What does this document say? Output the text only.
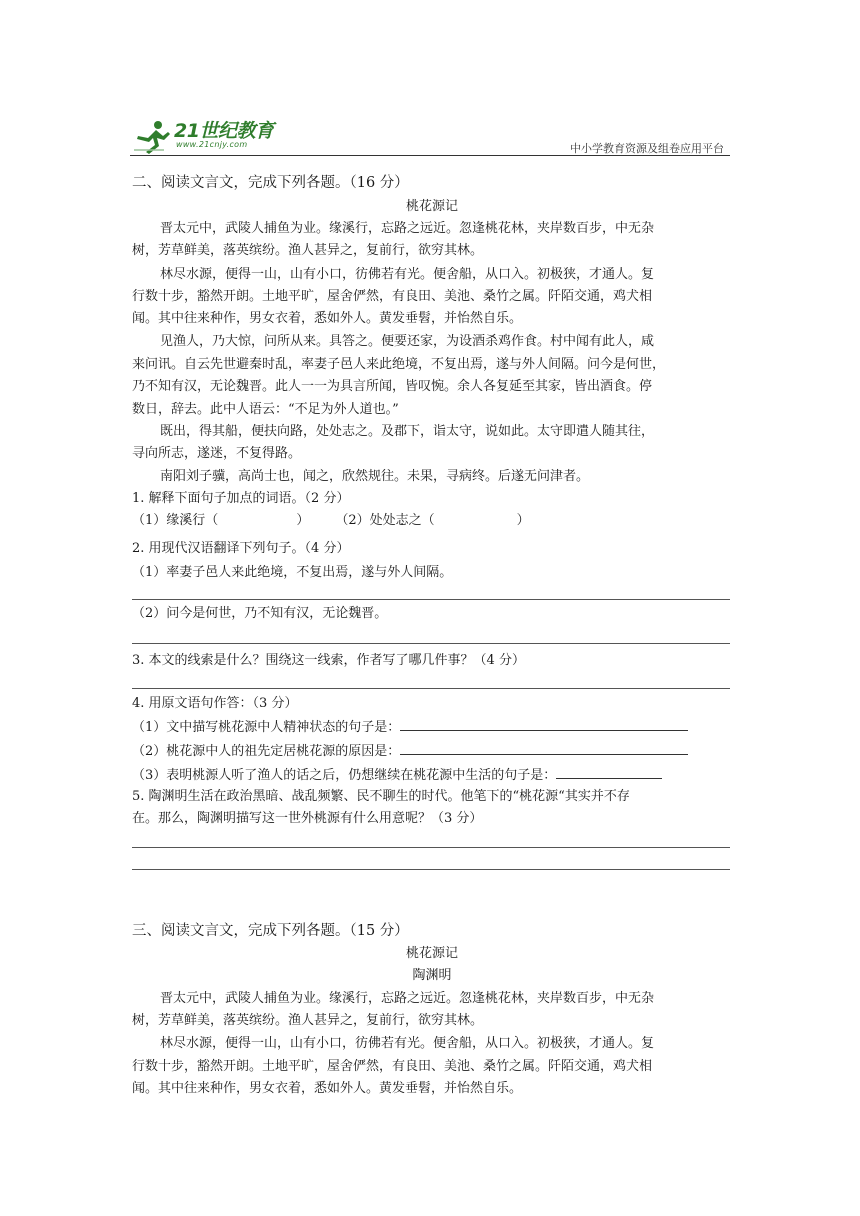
21世纪教育
www.21cnjy.com	中小学教育资源及组卷应用平台
二、阅读文言文，完成下列各题。（16 分）
桃花源记
晋太元中，武陵人捕鱼为业。缘溪行，忘路之远近。忽逢桃花林，夹岸数百步，中无杂
树，芳草鲜美，落英缤纷。渔人甚异之，复前行，欲穷其林。
林尽水源，便得一山，山有小口，彷佛若有光。便舍船，从口入。初极狭，才通人。复
行数十步，豁然开朗。土地平旷，屋舍俨然，有良田、美池、桑竹之属。阡陌交通，鸡犬相
闻。其中往来种作，男女衣着，悉如外人。黄发垂髫，并怡然自乐。
见渔人，乃大惊，问所从来。具答之。便要还家，为设酒杀鸡作食。村中闻有此人，咸
来问讯。自云先世避秦时乱，率妻子邑人来此绝境，不复出焉，遂与外人间隔。问今是何世，
乃不知有汉，无论魏晋。此人一一为具言所闻，皆叹惋。余人各复延至其家，皆出酒食。停
数日，辞去。此中人语云：“不足为外人道也。”
既出，得其船，便扶向路，处处志之。及郡下，诣太守，说如此。太守即遣人随其往，
寻向所志，遂迷，不复得路。
南阳刘子骥，高尚士也，闻之，欣然规往。未果，寻病终。后遂无问津者。
1. 解释下面句子加点的词语。（2 分）
（1）缘溪行 ·（	） （2）处处志 ·之（	）
2. 用现代汉语翻译下列句子。（4 分）
（1）率妻子邑人来此绝境，不复出焉，遂与外人间隔。
（2）问今是何世，乃不知有汉，无论魏晋。
3. 本文的线索是什么？围绕这一线索，作者写了哪几件事？（4 分）
4. 用原文语句作答：（3 分）
（1）文中描写桃花源中人精神状态的句子是：
（2）桃花源中人的祖先定居桃花源的原因是：
（3）表明桃源人听了渔人的话之后，仍想继续在桃花源中生活的句子是：
5. 陶渊明生活在政治黑暗、战乱频繁、民不聊生的时代。他笔下的“桃花源“其实并不存
在。那么，陶渊明描写这一世外桃源有什么用意呢？（3 分）
三、阅读文言文，完成下列各题。（15 分）
桃花源记
陶渊明
晋太元中，武陵人捕鱼为业。缘溪行，忘路之远近。忽逢桃花林，夹岸数百步，中无杂
树，芳草鲜美，落英缤纷。渔人甚异之，复前行，欲穷其林。
林尽水源，便得一山，山有小口，彷佛若有光。便舍船，从口入。初极狭，才通人。复
行数十步，豁然开朗。土地平旷，屋舍俨然，有良田、美池、桑竹之属。阡陌交通，鸡犬相
闻。其中往来种作，男女衣着，悉如外人。黄发垂髫，并怡然自乐。
